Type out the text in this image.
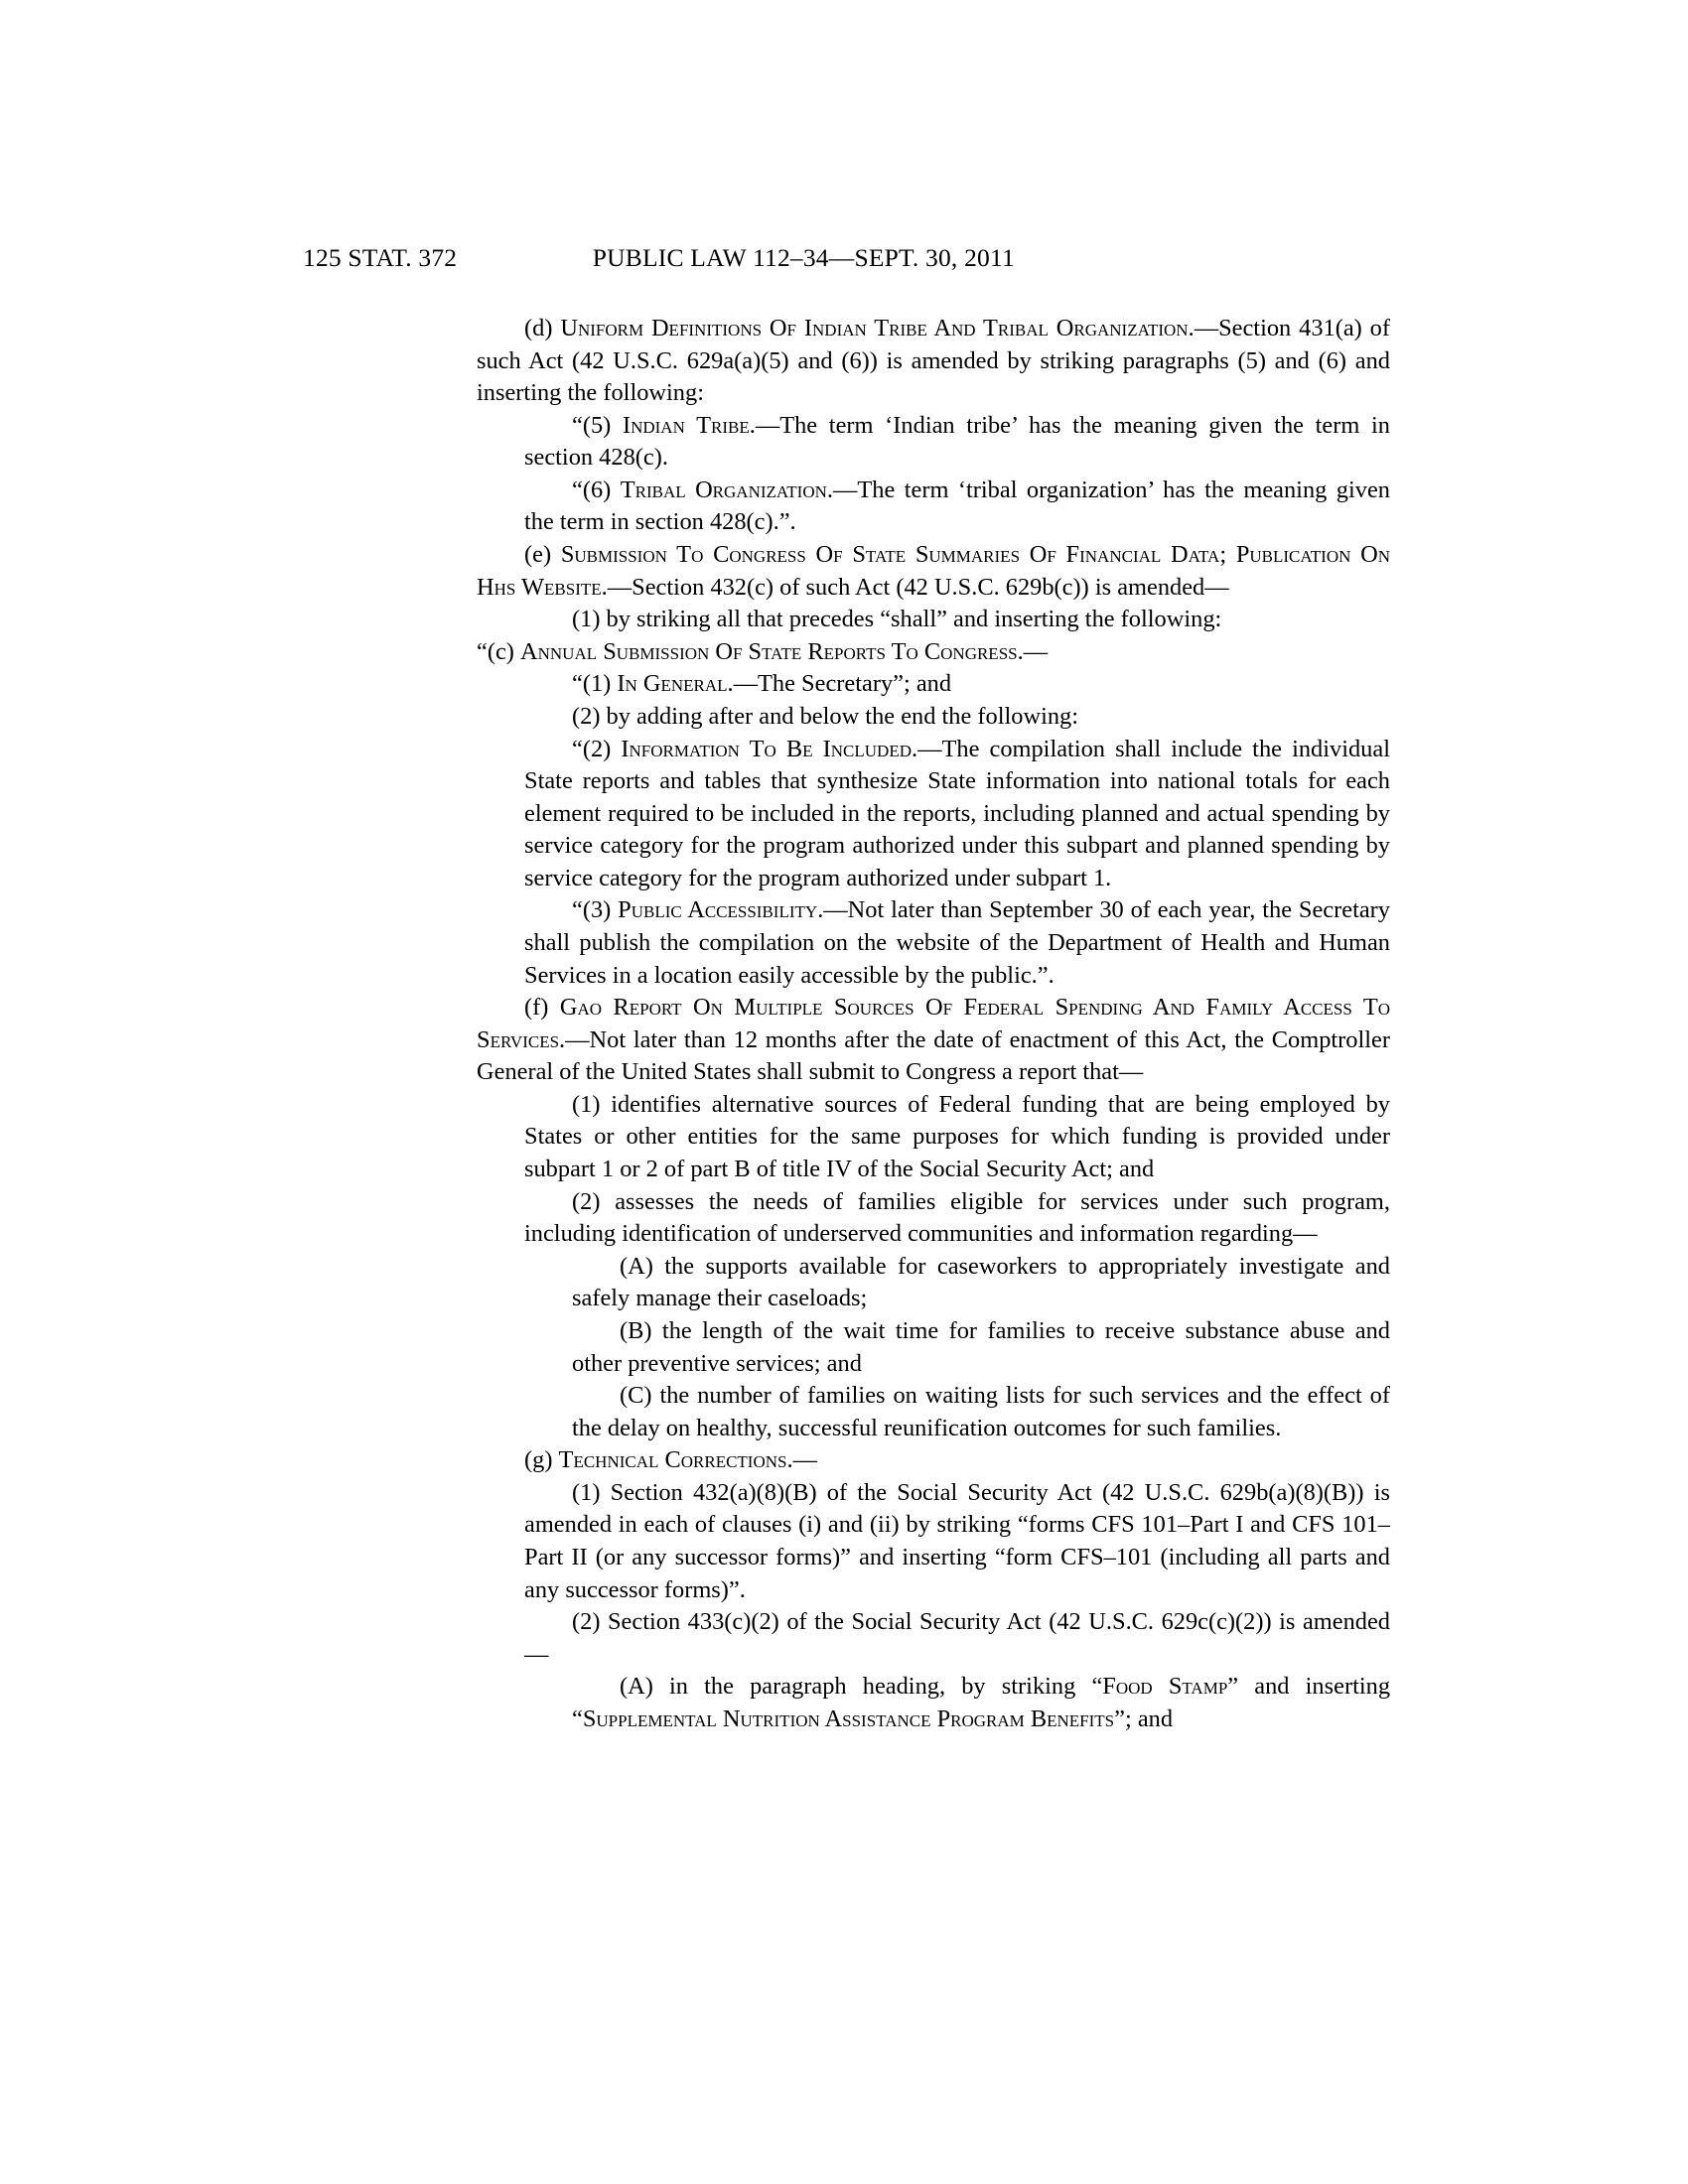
125 STAT. 372	PUBLIC LAW 112–34—SEPT. 30, 2011

(d) Uniform Definitions Of Indian Tribe And Tribal Organization.—Section 431(a) of such Act (42 U.S.C. 629a(a)(5) and (6)) is amended by striking paragraphs (5) and (6) and inserting the following:

“(5) Indian Tribe.—The term ‘Indian tribe’ has the meaning given the term in section 428(c).

“(6) Tribal Organization.—The term ‘tribal organization’ has the meaning given the term in section 428(c).”.

(e) Submission To Congress Of State Summaries Of Financial Data; Publication On Hhs Website.—Section 432(c) of such Act (42 U.S.C. 629b(c)) is amended—

(1) by striking all that precedes “shall” and inserting the following:

“(c) Annual Submission Of State Reports To Congress.—

“(1) In General.—The Secretary”; and

(2) by adding after and below the end the following:

“(2) Information To Be Included.—The compilation shall include the individual State reports and tables that synthesize State information into national totals for each element required to be included in the reports, including planned and actual spending by service category for the program authorized under this subpart and planned spending by service category for the program authorized under subpart 1.

“(3) Public Accessibility.—Not later than September 30 of each year, the Secretary shall publish the compilation on the website of the Department of Health and Human Services in a location easily accessible by the public.”.

(f) Gao Report On Multiple Sources Of Federal Spending And Family Access To Services.—Not later than 12 months after the date of enactment of this Act, the Comptroller General of the United States shall submit to Congress a report that—

(1) identifies alternative sources of Federal funding that are being employed by States or other entities for the same purposes for which funding is provided under subpart 1 or 2 of part B of title IV of the Social Security Act; and

(2) assesses the needs of families eligible for services under such program, including identification of underserved communities and information regarding—

(A) the supports available for caseworkers to appropriately investigate and safely manage their caseloads;

(B) the length of the wait time for families to receive substance abuse and other preventive services; and

(C) the number of families on waiting lists for such services and the effect of the delay on healthy, successful reunification outcomes for such families.

(g) Technical Corrections.—

(1) Section 432(a)(8)(B) of the Social Security Act (42 U.S.C. 629b(a)(8)(B)) is amended in each of clauses (i) and (ii) by striking “forms CFS 101–Part I and CFS 101–Part II (or any successor forms)” and inserting “form CFS–101 (including all parts and any successor forms)”.

(2) Section 433(c)(2) of the Social Security Act (42 U.S.C. 629c(c)(2)) is amended—

(A) in the paragraph heading, by striking “Food Stamp” and inserting “Supplemental Nutrition Assistance Program Benefits”; and
